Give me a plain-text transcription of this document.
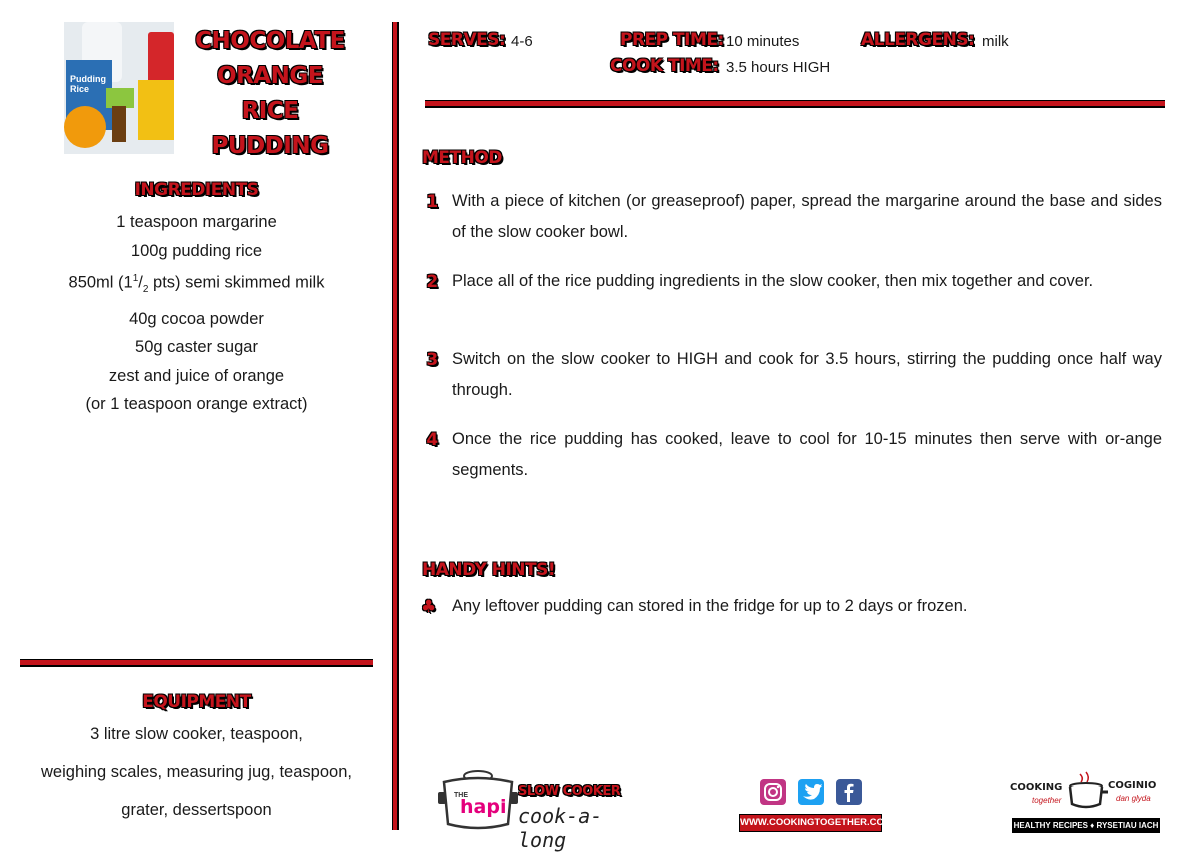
Pudding Rice
CHOCOLATE
ORANGE
RICE PUDDING
INGREDIENTS
1 teaspoon margarine
100g pudding rice
850ml ($1^1/_2$ pts) semi skimmed milk
40g cocoa powder
50g caster sugar
zest and juice of orange
(or 1 teaspoon orange extract)
EQUIPMENT
3 litre slow cooker, teaspoon,
weighing scales, measuring jug, teaspoon,
grater, dessertspoon
SERVES: 4-6	PREP TIME: 10 minutes	ALLERGENS: milk
COOK TIME: 3.5 hours HIGH
METHOD
1 With a piece of kitchen (or greaseproof) paper, spread the margarine around the base and sides of the slow cooker bowl.
2 Place all of the rice pudding ingredients in the slow cooker, then mix together and cover.
3 Switch on the slow cooker to HIGH and cook for 3.5 hours, stirring the pudding once half way through.
4 Once the rice pudding has cooked, leave to cool for 10-15 minutes then serve with or-ange segments.
HANDY HINTS!
♣ Any leftover pudding can stored in the fridge for up to 2 days or frozen.
THE
hapi
SLOW COOKER
cook-a-long
WWW.COOKINGTOGETHER.CO.UK
COOKING
together
COGINIO
dan glyda
HEALTHY RECIPES ♦ RYSETIAU IACH
